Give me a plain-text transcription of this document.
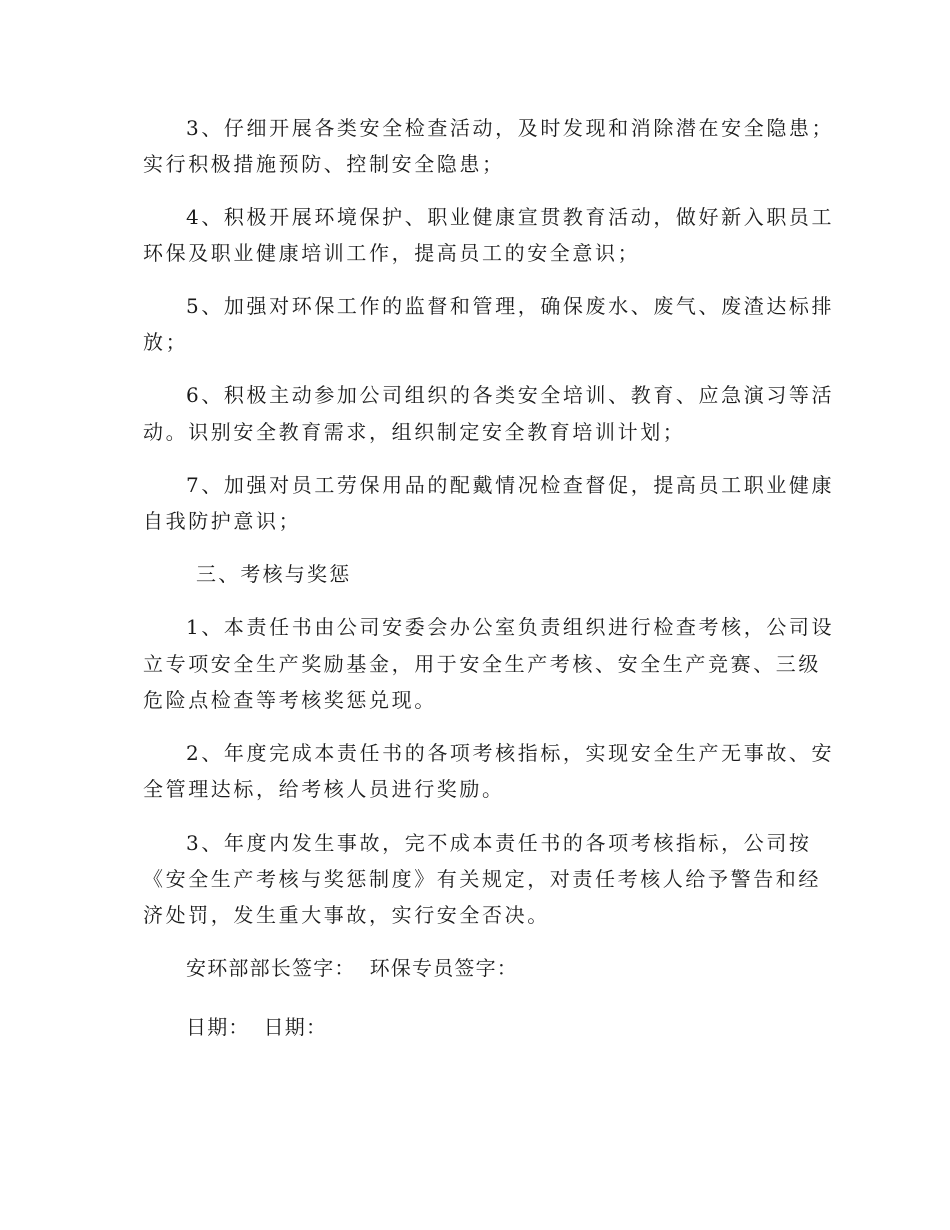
3、仔细开展各类安全检查活动，及时发现和消除潜在安全隐患；
实行积极措施预防、控制安全隐患；
4、积极开展环境保护、职业健康宣贯教育活动，做好新入职员工
环保及职业健康培训工作，提高员工的安全意识；
5、加强对环保工作的监督和管理，确保废水、废气、废渣达标排
放；
6、积极主动参加公司组织的各类安全培训、教育、应急演习等活
动。识别安全教育需求，组织制定安全教育培训计划；
7、加强对员工劳保用品的配戴情况检查督促，提高员工职业健康
自我防护意识；
三、考核与奖惩
1、本责任书由公司安委会办公室负责组织进行检查考核，公司设
立专项安全生产奖励基金，用于安全生产考核、安全生产竞赛、三级
危险点检查等考核奖惩兑现。
2、年度完成本责任书的各项考核指标，实现安全生产无事故、安
全管理达标，给考核人员进行奖励。
3、年度内发生事故，完不成本责任书的各项考核指标，公司按
《安全生产考核与奖惩制度》有关规定，对责任考核人给予警告和经
济处罚，发生重大事故，实行安全否决。
安环部部长签字： 环保专员签字：
日期： 日期：
